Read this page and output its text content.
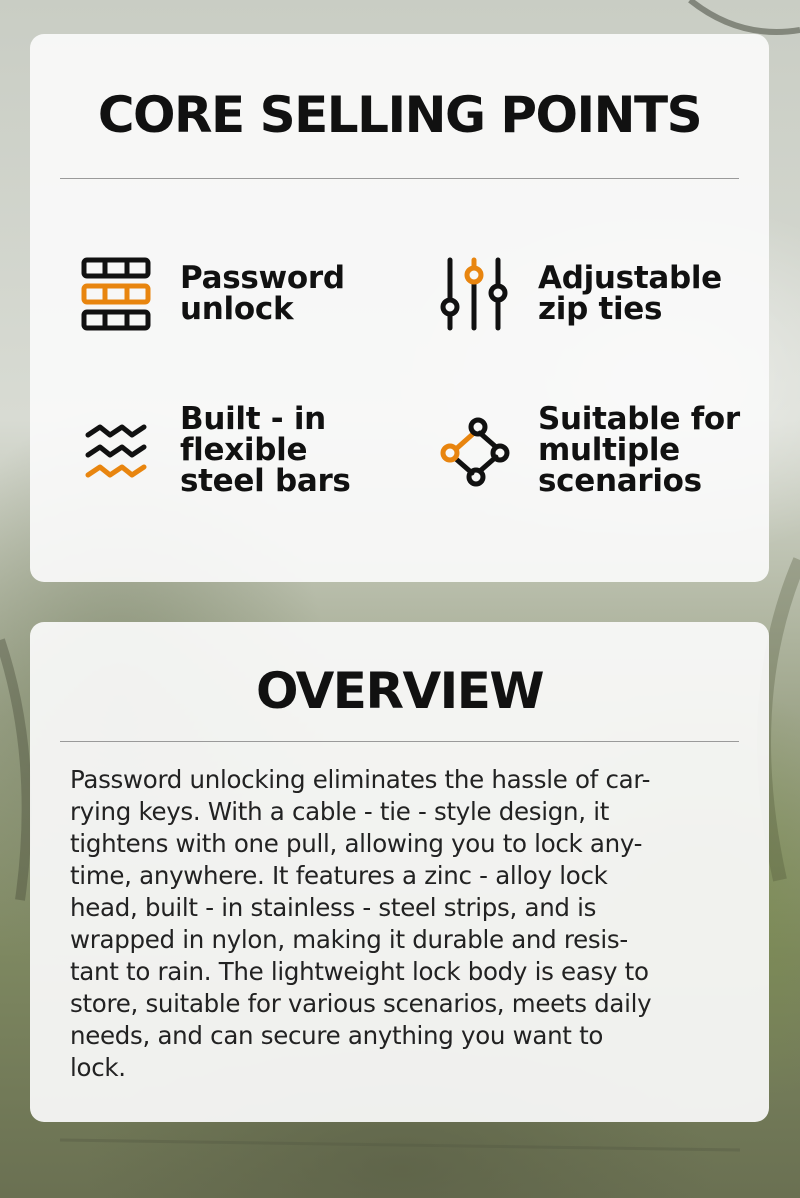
CORE SELLING POINTS
Password
unlock
Adjustable
zip ties
Built - in
flexible
steel bars
Suitable for
multiple
scenarios
OVERVIEW
Password unlocking eliminates the hassle of car-
rying keys. With a cable - tie - style design, it
tightens with one pull, allowing you to lock any-
time, anywhere. It features a zinc - alloy lock
head, built - in stainless - steel strips, and is
wrapped in nylon, making it durable and resis-
tant to rain. The lightweight lock body is easy to
store, suitable for various scenarios, meets daily
needs, and can secure anything you want to
lock.
